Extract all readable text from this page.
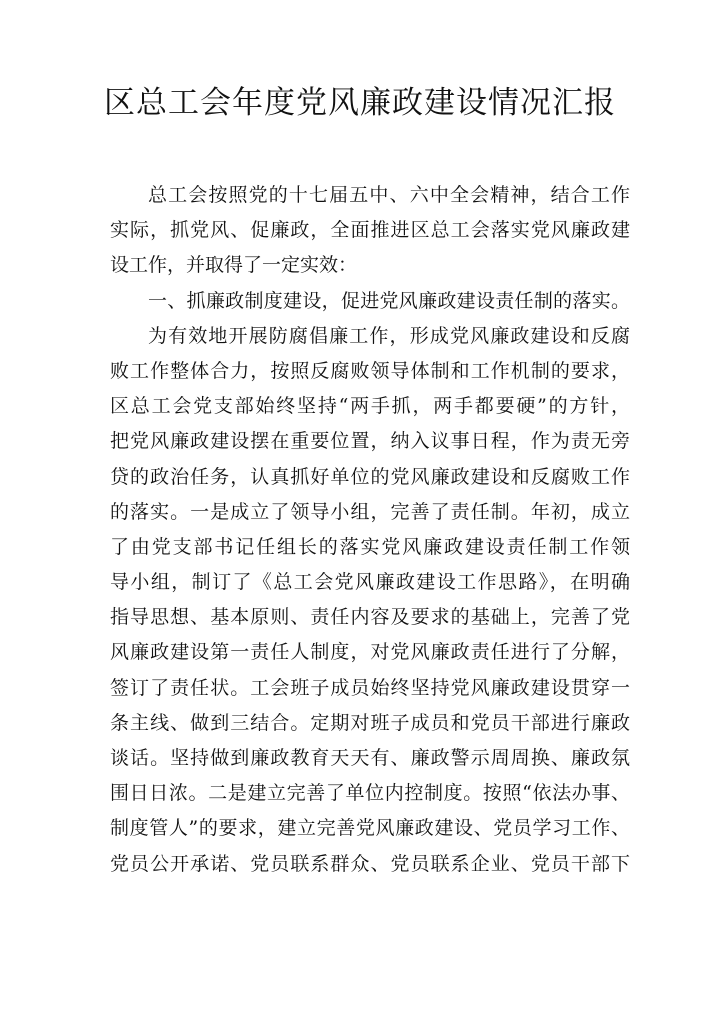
区总工会年度党风廉政建设情况汇报
总工会按照党的十七届五中、六中全会精神，结合工作
实际，抓党风、促廉政，全面推进区总工会落实党风廉政建
设工作，并取得了一定实效：
一、抓廉政制度建设，促进党风廉政建设责任制的落实。
为有效地开展防腐倡廉工作，形成党风廉政建设和反腐
败工作整体合力，按照反腐败领导体制和工作机制的要求，
区总工会党支部始终坚持“两手抓，两手都要硬”的方针，
把党风廉政建设摆在重要位置，纳入议事日程，作为责无旁
贷的政治任务，认真抓好单位的党风廉政建设和反腐败工作
的落实。一是成立了领导小组，完善了责任制。年初，成立
了由党支部书记任组长的落实党风廉政建设责任制工作领
导小组，制订了《总工会党风廉政建设工作思路》，在明确
指导思想、基本原则、责任内容及要求的基础上，完善了党
风廉政建设第一责任人制度，对党风廉政责任进行了分解，
签订了责任状。工会班子成员始终坚持党风廉政建设贯穿一
条主线、做到三结合。定期对班子成员和党员干部进行廉政
谈话。坚持做到廉政教育天天有、廉政警示周周换、廉政氛
围日日浓。二是建立完善了单位内控制度。按照“依法办事、
制度管人”的要求，建立完善党风廉政建设、党员学习工作、
党员公开承诺、党员联系群众、党员联系企业、党员干部下
